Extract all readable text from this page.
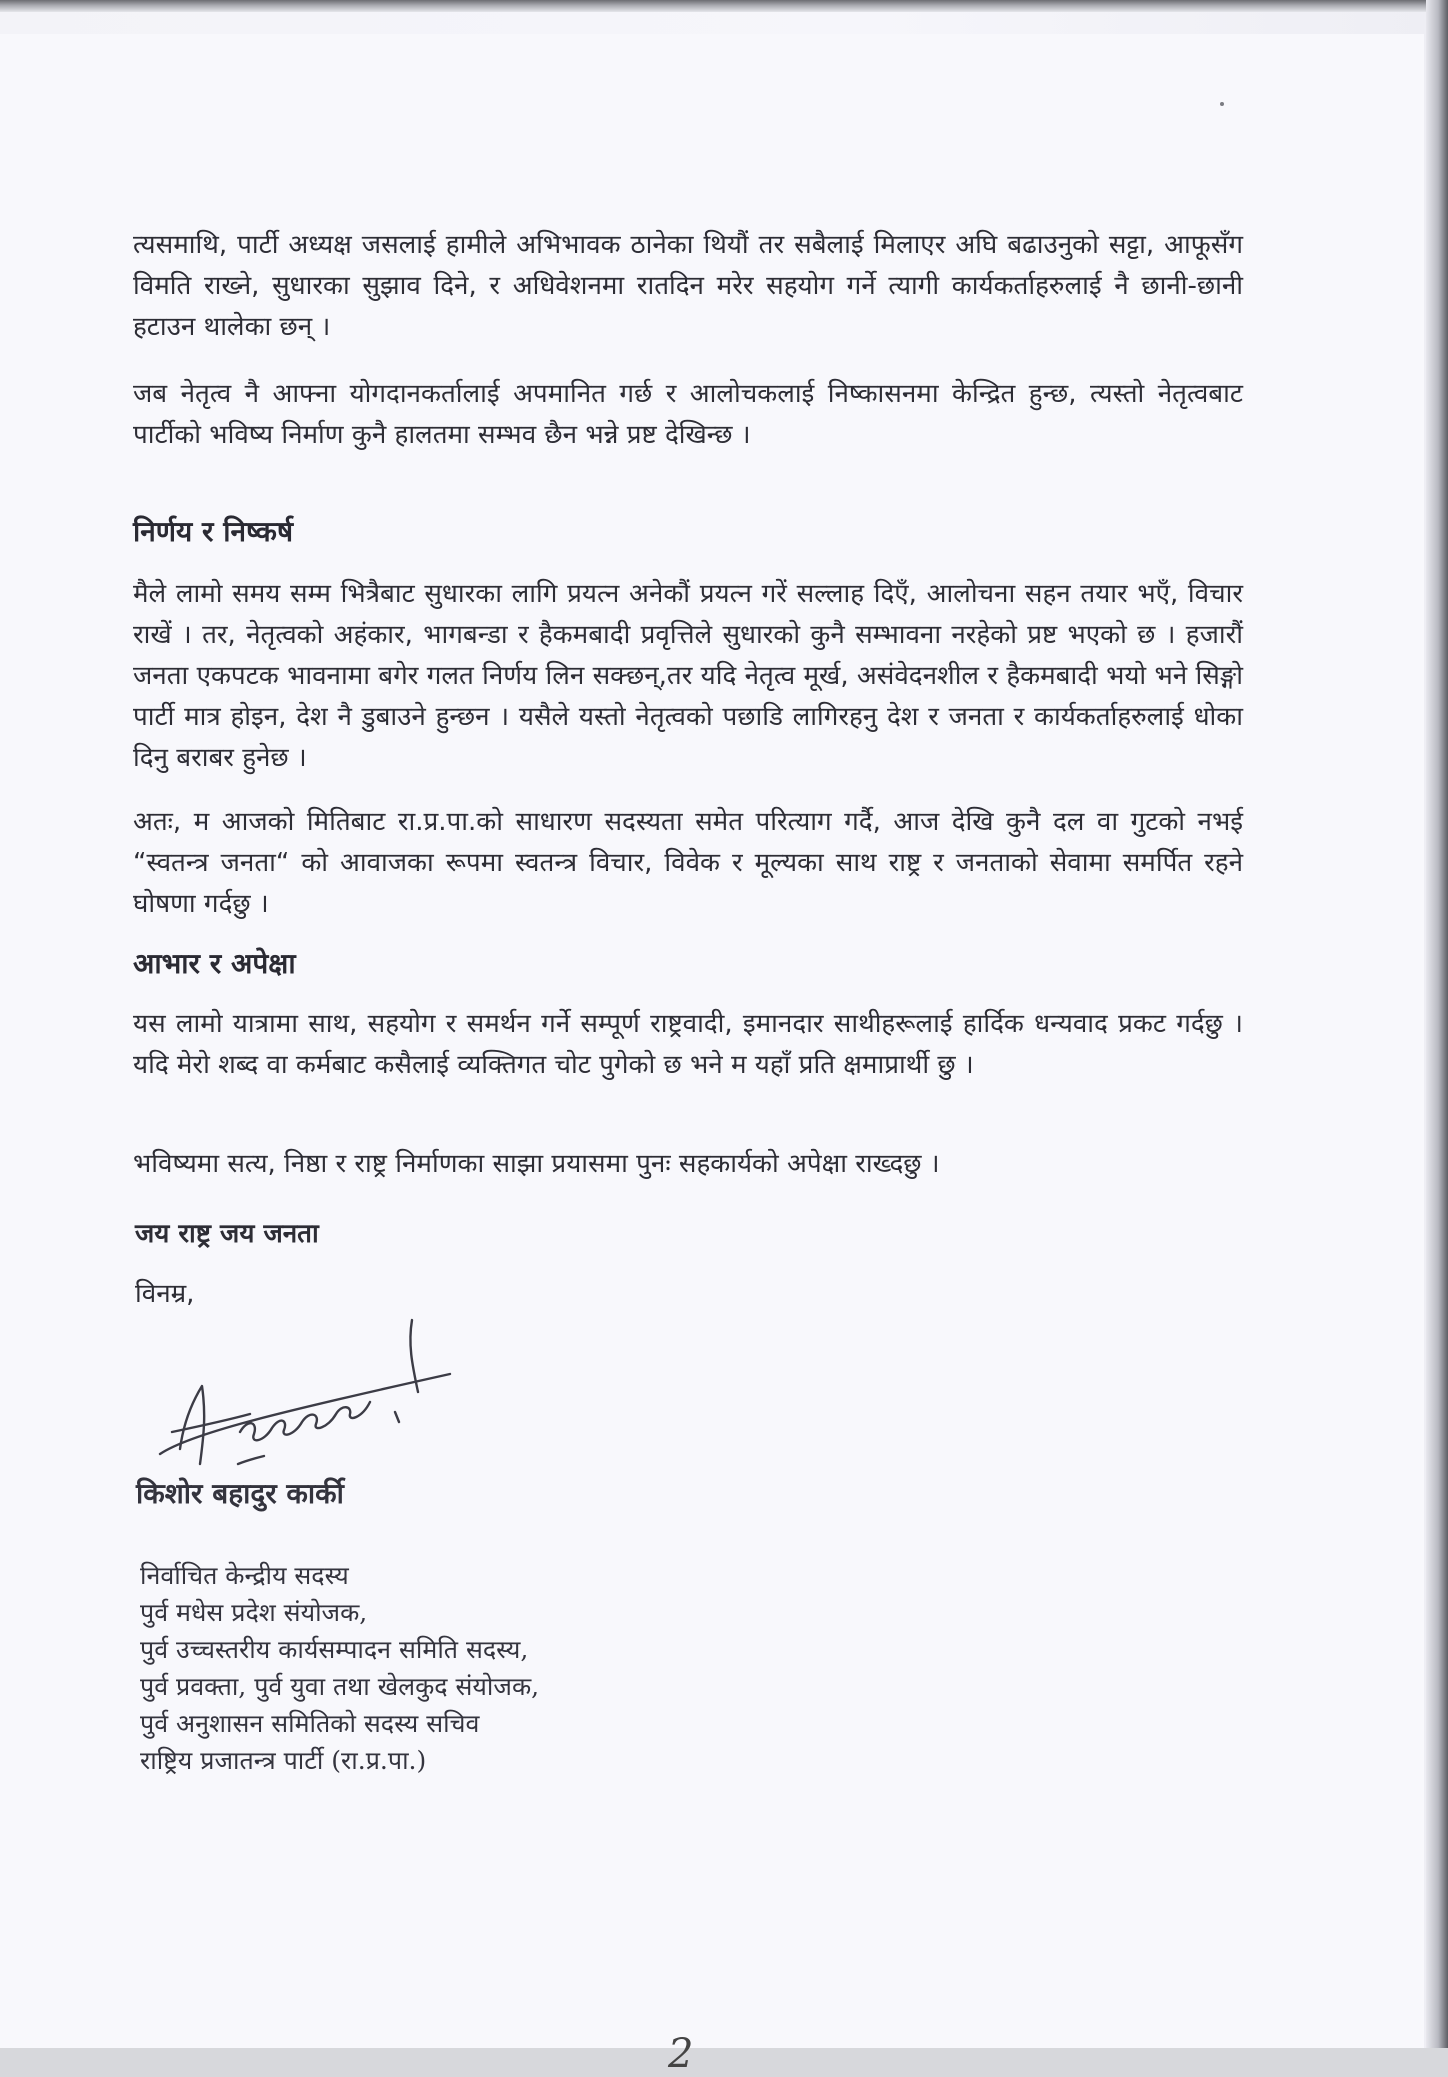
त्यसमाथि, पार्टी अध्यक्ष जसलाई हामीले अभिभावक ठानेका थियौं तर सबैलाई मिलाएर अघि बढाउनुको सट्टा, आफूसँग विमति राख्ने, सुधारका सुझाव दिने, र अधिवेशनमा रातदिन मरेर सहयोग गर्ने त्यागी कार्यकर्ताहरुलाई नै छानी-छानी हटाउन थालेका छन् ।

जब नेतृत्व नै आफ्ना योगदानकर्तालाई अपमानित गर्छ र आलोचकलाई निष्कासनमा केन्द्रित हुन्छ, त्यस्तो नेतृत्वबाट पार्टीको भविष्य निर्माण कुनै हालतमा सम्भव छैन भन्ने प्रष्ट देखिन्छ ।

निर्णय र निष्कर्ष

मैले लामो समय सम्म भित्रैबाट सुधारका लागि प्रयत्न अनेकौं प्रयत्न गरें सल्लाह दिएँ, आलोचना सहन तयार भएँ, विचार राखें । तर, नेतृत्वको अहंकार, भागबन्डा र हैकमबादी प्रवृत्तिले सुधारको कुनै सम्भावना नरहेको प्रष्ट भएको छ । हजारौं जनता एकपटक भावनामा बगेर गलत निर्णय लिन सक्छन्,तर यदि नेतृत्व मूर्ख, असंवेदनशील र हैकमबादी भयो भने सिङ्गो पार्टी मात्र होइन, देश नै डुबाउने हुन्छन । यसैले यस्तो नेतृत्वको पछाडि लागिरहनु देश र जनता र कार्यकर्ताहरुलाई धोका दिनु बराबर हुनेछ ।

अतः, म आजको मितिबाट रा.प्र.पा.को साधारण सदस्यता समेत परित्याग गर्दै, आज देखि कुनै दल वा गुटको नभई “स्वतन्त्र जनता“ को आवाजका रूपमा स्वतन्त्र विचार, विवेक र मूल्यका साथ राष्ट्र र जनताको सेवामा समर्पित रहने घोषणा गर्दछु ।

आभार र अपेक्षा

यस लामो यात्रामा साथ, सहयोग र समर्थन गर्ने सम्पूर्ण राष्ट्रवादी, इमानदार साथीहरूलाई हार्दिक धन्यवाद प्रकट गर्दछु । यदि मेरो शब्द वा कर्मबाट कसैलाई व्यक्तिगत चोट पुगेको छ भने म यहाँ प्रति क्षमाप्रार्थी छु ।

भविष्यमा सत्य, निष्ठा र राष्ट्र निर्माणका साझा प्रयासमा पुनः सहकार्यको अपेक्षा राख्दछु ।

जय राष्ट्र जय जनता

विनम्र,

किशोर बहादुर कार्की

निर्वाचित केन्द्रीय सदस्य
पुर्व मधेस प्रदेश संयोजक,
पुर्व उच्चस्तरीय कार्यसम्पादन समिति सदस्य,
पुर्व प्रवक्ता, पुर्व युवा तथा खेलकुद संयोजक,
पुर्व अनुशासन समितिको सदस्य सचिव
राष्ट्रिय प्रजातन्त्र पार्टी (रा.प्र.पा.)
2
